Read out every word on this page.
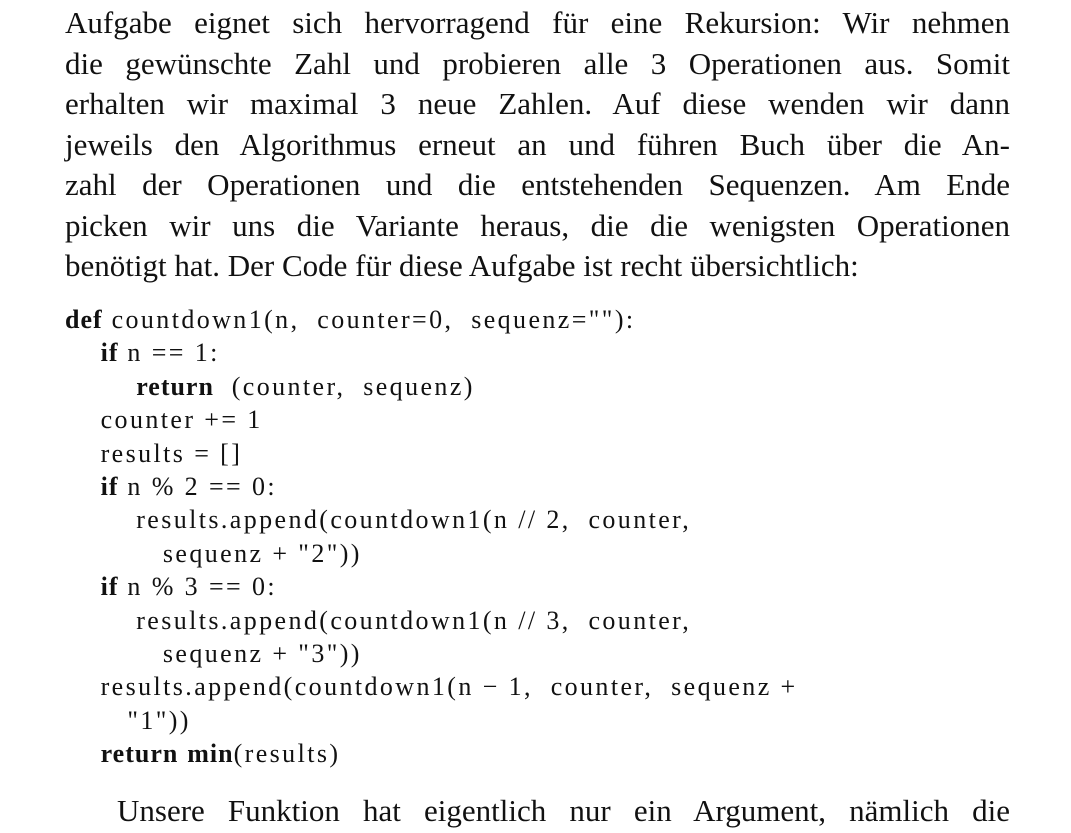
Aufgabe eignet sich hervorragend für eine Rekursion: Wir nehmen
die gewünschte Zahl und probieren alle 3 Operationen aus. Somit
erhalten wir maximal 3 neue Zahlen. Auf diese wenden wir dann
jeweils den Algorithmus erneut an und führen Buch über die An-
zahl der Operationen und die entstehenden Sequenzen. Am Ende
picken wir uns die Variante heraus, die die wenigsten Operationen
benötigt hat. Der Code für diese Aufgabe ist recht übersichtlich:
def countdown1(n,  counter=0,  sequenz=""):
if n == 1:
return  (counter,  sequenz)
counter += 1
results = []
if n % 2 == 0:
results.append(countdown1(n // 2,  counter,
sequenz + "2"))
if n % 3 == 0:
results.append(countdown1(n // 3,  counter,
sequenz + "3"))
results.append(countdown1(n − 1,  counter,  sequenz +
"1"))
return min(results)
Unsere Funktion hat eigentlich nur ein Argument, nämlich die
